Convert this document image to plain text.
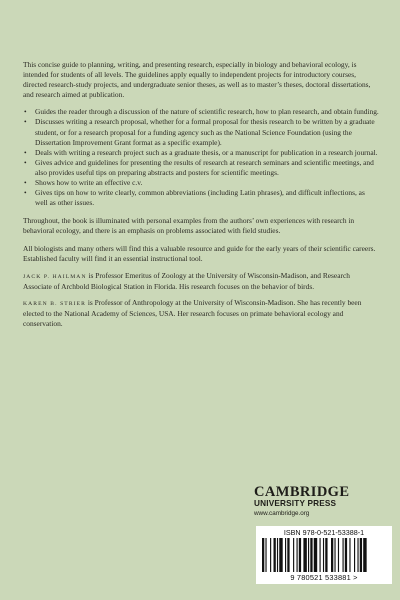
This concise guide to planning, writing, and presenting research, especially in biology and behavioral ecology, is intended for students of all levels. The guidelines apply equally to independent projects for introductory courses, directed research-study projects, and undergraduate senior theses, as well as to master’s theses, doctoral dissertations, and research aimed at publication.

• Guides the reader through a discussion of the nature of scientific research, how to plan research, and obtain funding.
• Discusses writing a research proposal, whether for a formal proposal for thesis research to be written by a graduate student, or for a research proposal for a funding agency such as the National Science Foundation (using the Dissertation Improvement Grant format as a specific example).
• Deals with writing a research project such as a graduate thesis, or a manuscript for publication in a research journal.
• Gives advice and guidelines for presenting the results of research at research seminars and scientific meetings, and also provides useful tips on preparing abstracts and posters for scientific meetings.
• Shows how to write an effective c.v.
• Gives tips on how to write clearly, common abbreviations (including Latin phrases), and difficult inflections, as well as other issues.

Throughout, the book is illuminated with personal examples from the authors’ own experiences with research in behavioral ecology, and there is an emphasis on problems associated with field studies.

All biologists and many others will find this a valuable resource and guide for the early years of their scientific careers. Established faculty will find it an essential instructional tool.

JACK P. HAILMAN is Professor Emeritus of Zoology at the University of Wisconsin-Madison, and Research Associate of Archbold Biological Station in Florida. His research focuses on the behavior of birds.

KAREN B. STRIER is Professor of Anthropology at the University of Wisconsin-Madison. She has recently been elected to the National Academy of Sciences, USA. Her research focuses on primate behavioral ecology and conservation.

CAMBRIDGE
UNIVERSITY PRESS
www.cambridge.org
ISBN 978-0-521-53388-1
9 780521 533881 >
